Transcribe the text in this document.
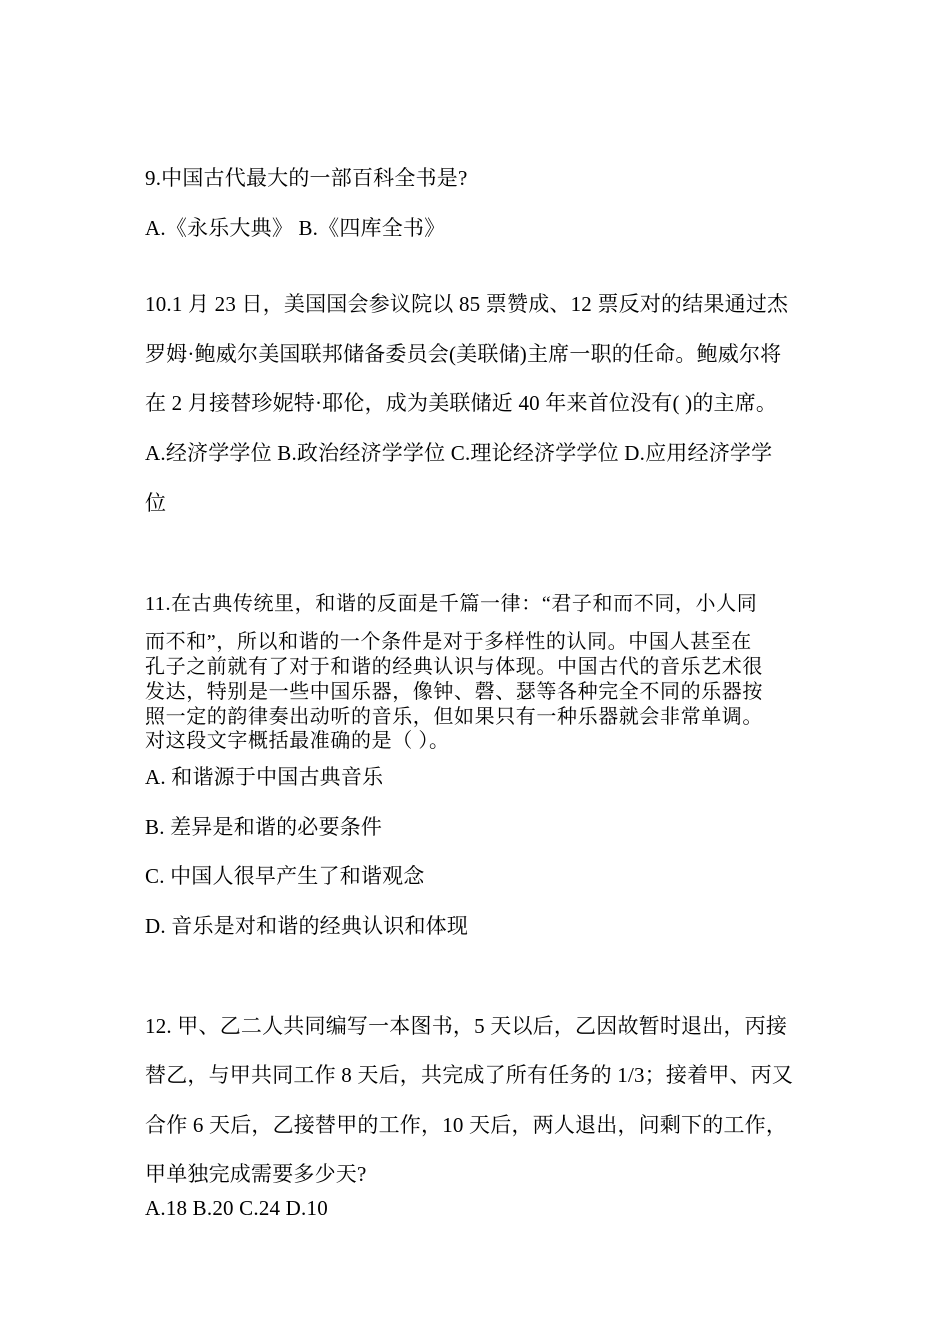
9.中国古代最大的一部百科全书是?
A.《永乐大典》 B.《四库全书》
10.1 月 23 日，美国国会参议院以 85 票赞成、12 票反对的结果通过杰
罗姆·鲍威尔美国联邦储备委员会(美联储)主席一职的任命。鲍威尔将
在 2 月接替珍妮特·耶伦，成为美联储近 40 年来首位没有( )的主席。
A.经济学学位 B.政治经济学学位 C.理论经济学学位 D.应用经济学学
位
11.在古典传统里，和谐的反面是千篇一律：“君子和而不同，小人同
而不和”，所以和谐的一个条件是对于多样性的认同。中国人甚至在
孔子之前就有了对于和谐的经典认识与体现。中国古代的音乐艺术很
发达，特别是一些中国乐器，像钟、磬、瑟等各种完全不同的乐器按
照一定的韵律奏出动听的音乐，但如果只有一种乐器就会非常单调。
对这段文字概括最准确的是（ ）。
A. 和谐源于中国古典音乐
B. 差异是和谐的必要条件
C. 中国人很早产生了和谐观念
D. 音乐是对和谐的经典认识和体现
12. 甲、乙二人共同编写一本图书，5 天以后，乙因故暂时退出，丙接
替乙，与甲共同工作 8 天后，共完成了所有任务的 1/3；接着甲、丙又
合作 6 天后，乙接替甲的工作，10 天后，两人退出，问剩下的工作，
甲单独完成需要多少天?
A.18 B.20 C.24 D.10
